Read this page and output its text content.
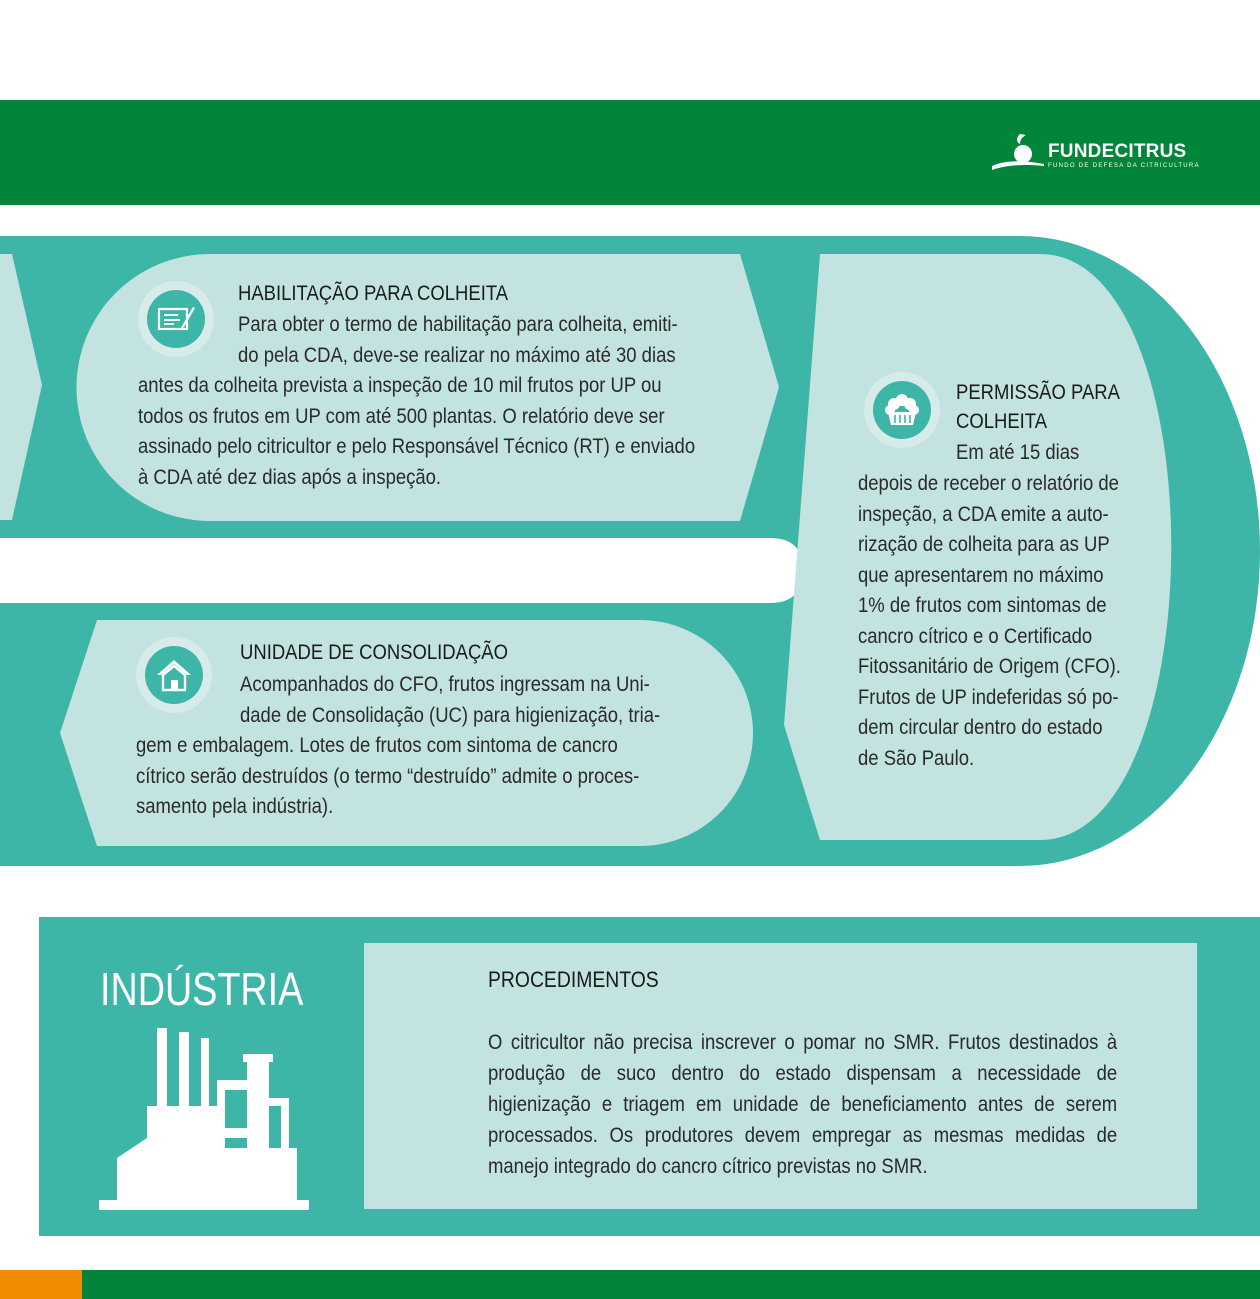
FUNDECITRUS
FUNDO DE DEFESA DA CITRICULTURA
HABILITAÇÃO PARA COLHEITA
Para obter o termo de habilitação para colheita, emiti-
do pela CDA, deve-se realizar no máximo até 30 dias
antes da colheita prevista a inspeção de 10 mil frutos por UP ou
todos os frutos em UP com até 500 plantas. O relatório deve ser
assinado pelo citricultor e pelo Responsável Técnico (RT) e enviado
à CDA até dez dias após a inspeção.
PERMISSÃO PARA
COLHEITA
Em até 15 dias
depois de receber o relatório de
inspeção, a CDA emite a auto-
rização de colheita para as UP
que apresentarem no máximo
1% de frutos com sintomas de
cancro cítrico e o Certificado
Fitossanitário de Origem (CFO).
Frutos de UP indeferidas só po-
dem circular dentro do estado
de São Paulo.
UNIDADE DE CONSOLIDAÇÃO
Acompanhados do CFO, frutos ingressam na Uni-
dade de Consolidação (UC) para higienização, tria-
gem e embalagem. Lotes de frutos com sintoma de cancro
cítrico serão destruídos (o termo “destruído” admite o proces-
samento pela indústria).
INDÚSTRIA	PROCEDIMENTOS
O citricultor não precisa inscrever o pomar no SMR. Frutos destinados à produção de suco dentro do estado dispensam a necessidade de higienização e triagem em unidade de beneficiamento antes de serem processados. Os produtores devem empregar as mesmas medidas de manejo integrado do cancro cítrico previstas no SMR.
